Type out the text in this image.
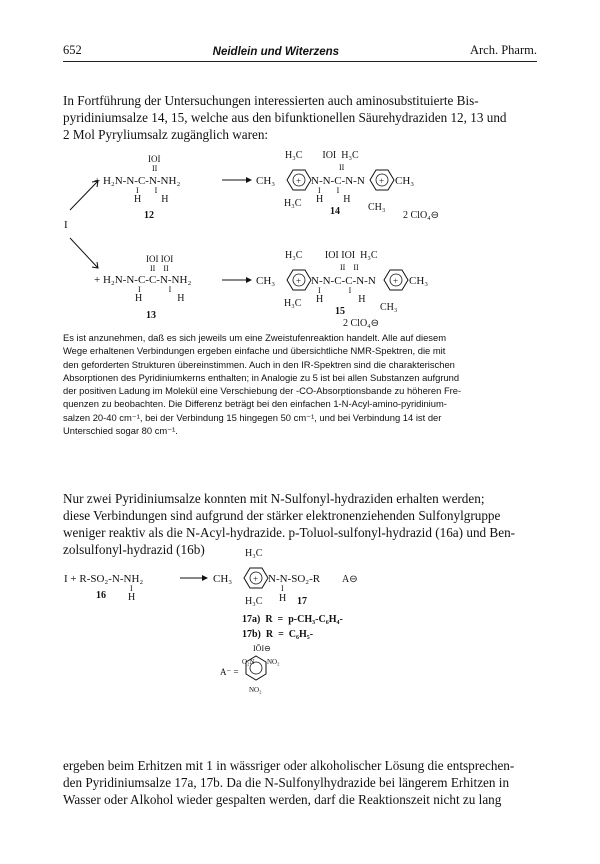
652	Neidlein und Witerzens	Arch. Pharm.

In Fortführung der Untersuchungen interessierten auch aminosubstituierte Bis-
pyridiniumsalze 14, 15, welche aus den bifunktionellen Säurehydraziden 12, 13 und
2 Mol Pyryliumsalz zugänglich waren:

I
IOI
II
+ H₂N-N-C-N-NH₂
I        I
H        H
12
H₃C        IOI  H₃C
II
CH₃ + N-N-C-N-N + CH₃
I        I
H        H
H₃C	CH₃
14	2 ClO₄⊖
IOI IOI
II    II
+ H₂N-N-C-C-N-NH₂
I              I
H              H
13
H₃C         IOI IOI  H₃C
II    II
CH₃ + N-N-C-C-N-N + CH₃
I              I
H              H
H₃C	CH₃
15
2 ClO₄⊖
Es ist anzunehmen, daß es sich jeweils um eine Zweistufenreaktion handelt. Alle auf diesem
Wege erhaltenen Verbindungen ergeben einfache und übersichtliche NMR-Spektren, die mit
den geforderten Strukturen übereinstimmen. Auch in den IR-Spektren sind die charakterischen
Absorptionen des Pyridiniumkerns enthalten; in Analogie zu 5 ist bei allen Substanzen aufgrund
der positiven Ladung im Molekül eine Verschiebung der -CO-Absorptionsbande zu höheren Fre-
quenzen zu beobachten. Die Differenz beträgt bei den einfachen 1-N-Acyl-amino-pyridinium-
salzen 20-40 cm⁻¹, bei der Verbindung 15 hingegen 50 cm⁻¹, und bei Verbindung 14 ist der
Unterschied sogar 80 cm⁻¹.

Nur zwei Pyridiniumsalze konnten mit N-Sulfonyl-hydraziden erhalten werden;
diese Verbindungen sind aufgrund der stärker elektronenziehenden Sulfonylgruppe
weniger reaktiv als die N-Acyl-hydrazide. p-Toluol-sulfonyl-hydrazid (16a) und Ben-
zolsulfonyl-hydrazid (16b)

I + R-SO₂-N-NH₂
I
16 H
H₃C
CH₃ + N-N-SO₂-R A⊖
I
H₃C H 17
17a)  R  =  p-CH₃-C₆H₄-
17b)  R  =  C₆H₅-
IŌI⊖
A⁻ =
O₂N NO₂
NO₂

ergeben beim Erhitzen mit 1 in wässriger oder alkoholischer Lösung die entsprechen-
den Pyridiniumsalze 17a, 17b. Da die N-Sulfonylhydrazide bei längerem Erhitzen in
Wasser oder Alkohol wieder gespalten werden, darf die Reaktionszeit nicht zu lang
